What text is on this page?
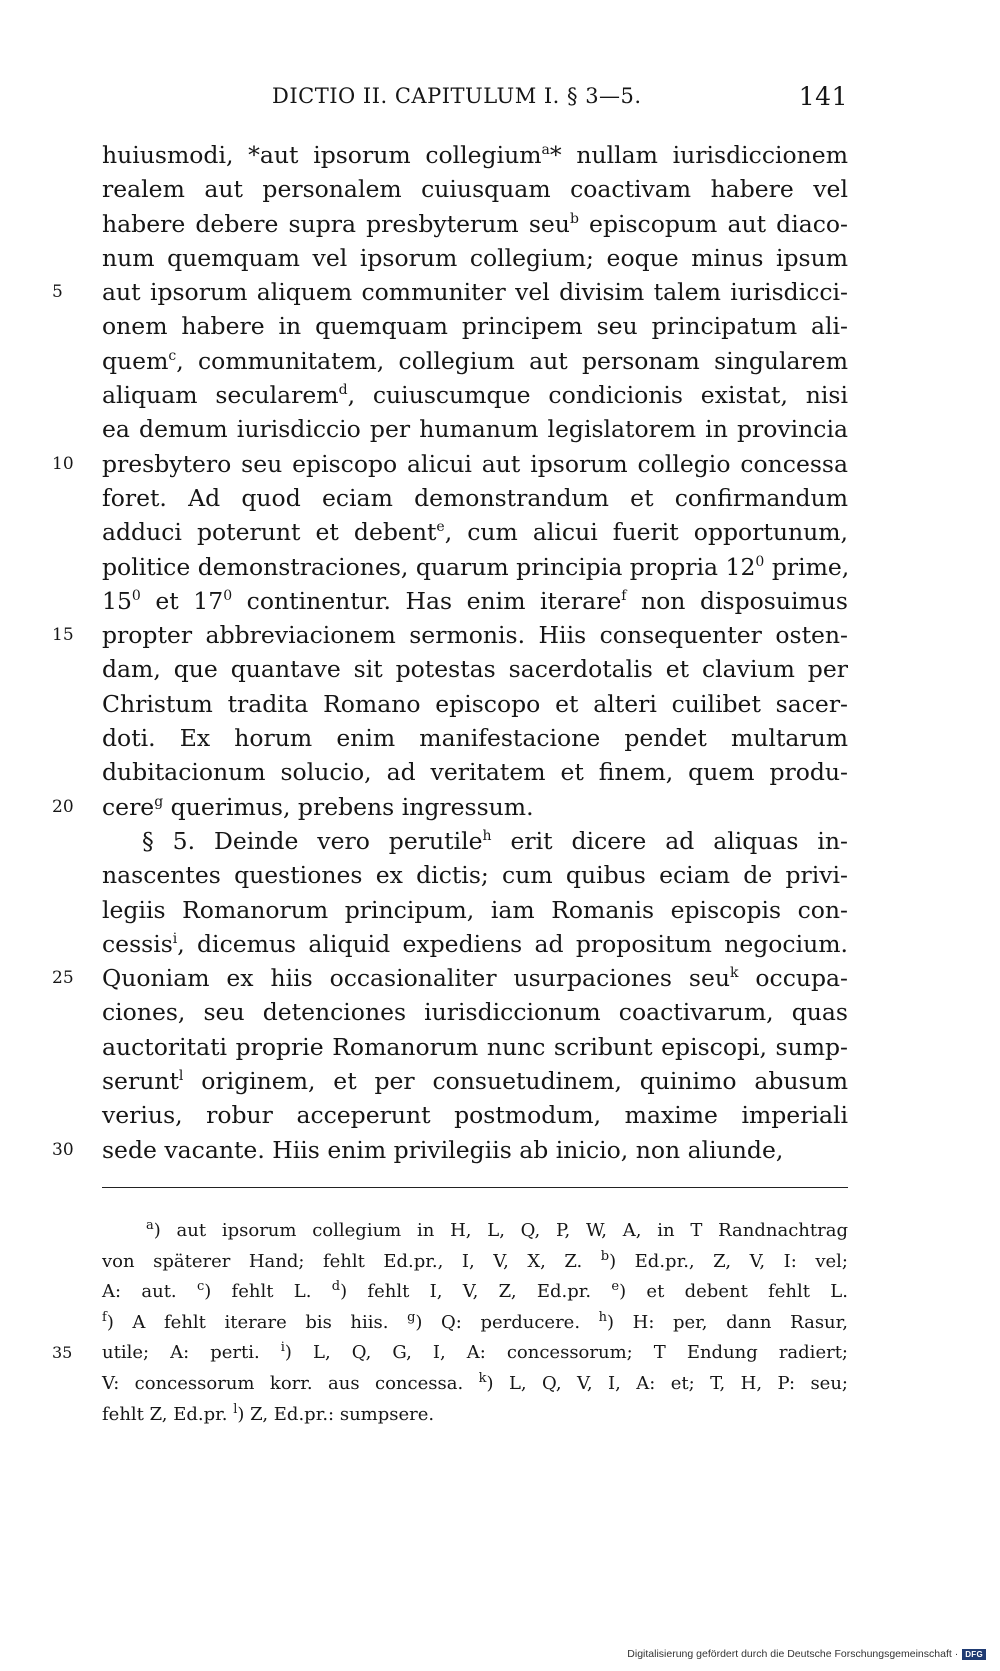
DICTIO II. CAPITULUM I. § 3—5.	141
huiusmodi, *aut ipsorum collegium$^a$* nullam iurisdiccionem
realem aut personalem cuiusquam coactivam habere vel
habere debere supra presbyterum seu$^b$ episcopum aut diaco-
num quemquam vel ipsorum collegium; eoque minus ipsum
5	aut ipsorum aliquem communiter vel divisim talem iurisdicci-
onem habere in quemquam principem seu principatum ali-
quem$^c$, communitatem, collegium aut personam singularem
aliquam secularem$^d$, cuiuscumque condicionis existat, nisi
ea demum iurisdiccio per humanum legislatorem in provincia
10	presbytero seu episcopo alicui aut ipsorum collegio concessa
foret. Ad quod eciam demonstrandum et confirmandum
adduci poterunt et debent$^e$, cum alicui fuerit opportunum,
politice demonstraciones, quarum principia propria $12^0$ prime,
$15^0$ et $17^0$ continentur. Has enim iterare$^f$ non disposuimus
15	propter abbreviacionem sermonis. Hiis consequenter osten-
dam, que quantave sit potestas sacerdotalis et clavium per
Christum tradita Romano episcopo et alteri cuilibet sacer-
doti. Ex horum enim manifestacione pendet multarum
dubitacionum solucio, ad veritatem et finem, quem produ-
20	cere$^g$ querimus, prebens ingressum.
§ 5. Deinde vero perutile$^h$ erit dicere ad aliquas in-
nascentes questiones ex dictis; cum quibus eciam de privi-
legiis Romanorum principum, iam Romanis episcopis con-
cessis$^i$, dicemus aliquid expediens ad propositum negocium.
25	Quoniam ex hiis occasionaliter usurpaciones seu$^k$ occupa-
ciones, seu detenciones iurisdiccionum coactivarum, quas
auctoritati proprie Romanorum nunc scribunt episcopi, sump-
serunt$^l$ originem, et per consuetudinem, quinimo abusum
verius, robur acceperunt postmodum, maxime imperiali
30	sede vacante. Hiis enim privilegiis ab inicio, non aliunde,
$^a$) aut ipsorum collegium in H, L, Q, P, W, A, in T Randnachtrag
von späterer Hand; fehlt Ed.pr., I, V, X, Z. $^b$) Ed.pr., Z, V, I: vel;
A: aut. $^c$) fehlt L. $^d$) fehlt I, V, Z, Ed.pr. $^e$) et debent fehlt L.
$^f$) A fehlt iterare bis hiis. $^g$) Q: perducere. $^h$) H: per, dann Rasur,
35	utile; A: perti. $^i$) L, Q, G, I, A: concessorum; T Endung radiert;
V: concessorum korr. aus concessa. $^k$) L, Q, V, I, A: et; T, H, P: seu;
fehlt Z, Ed.pr. $^l$) Z, Ed.pr.: sumpsere.
Digitalisierung gefördert durch die Deutsche Forschungsgemeinschaft · DFG
